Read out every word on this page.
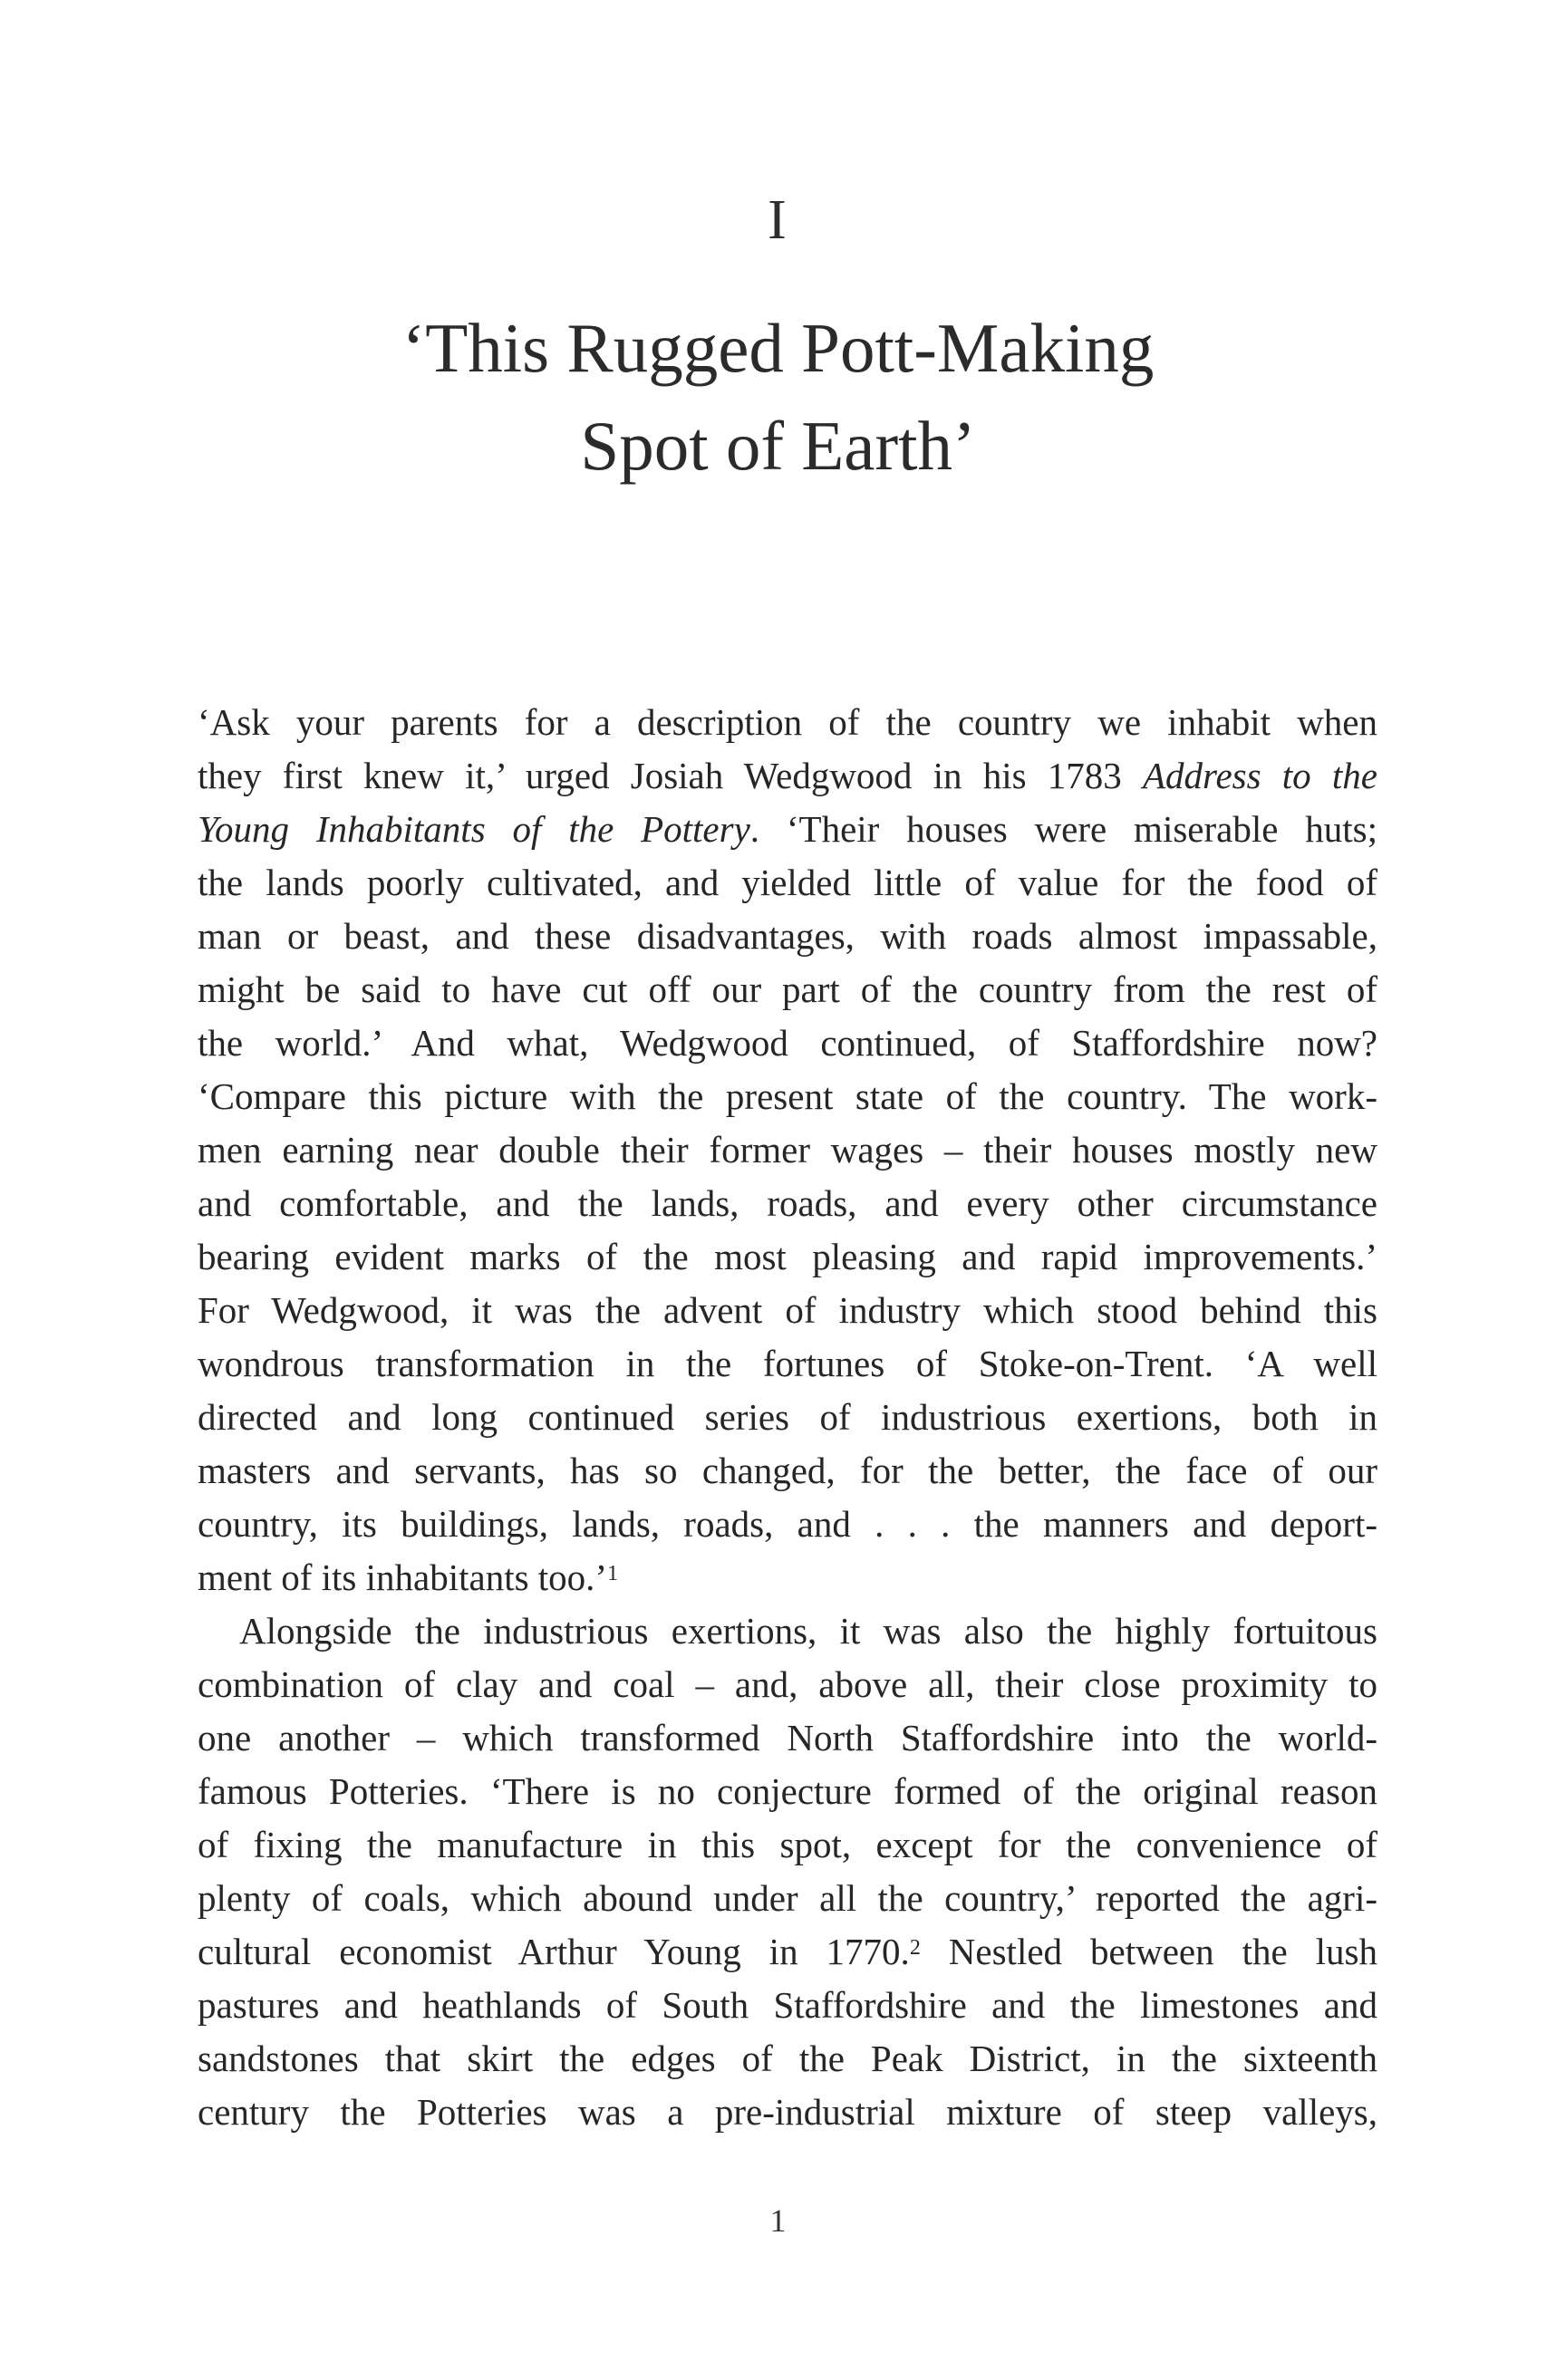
I
‘This Rugged Pott-Making
Spot of Earth’
‘Ask your parents for a description of the country we inhabit when
they first knew it,’ urged Josiah Wedgwood in his 1783 Address to the
Young Inhabitants of the Pottery. ‘Their houses were miserable huts;
the lands poorly cultivated, and yielded little of value for the food of
man or beast, and these disadvantages, with roads almost impassable,
might be said to have cut off our part of the country from the rest of
the world.’ And what, Wedgwood continued, of Staffordshire now?
‘Compare this picture with the present state of the country. The work-
men earning near double their former wages – their houses mostly new
and comfortable, and the lands, roads, and every other circumstance
bearing evident marks of the most pleasing and rapid improvements.’
For Wedgwood, it was the advent of industry which stood behind this
wondrous transformation in the fortunes of Stoke-on-Trent. ‘A well
directed and long continued series of industrious exertions, both in
masters and servants, has so changed, for the better, the face of our
country, its buildings, lands, roads, and . . . the manners and deport-
ment of its inhabitants too.’$^1$
Alongside the industrious exertions, it was also the highly fortuitous
combination of clay and coal – and, above all, their close proximity to
one another – which transformed North Staffordshire into the world-
famous Potteries. ‘There is no conjecture formed of the original reason
of fixing the manufacture in this spot, except for the convenience of
plenty of coals, which abound under all the country,’ reported the agri-
cultural economist Arthur Young in 1770.$^2$ Nestled between the lush
pastures and heathlands of South Staffordshire and the limestones and
sandstones that skirt the edges of the Peak District, in the sixteenth
century the Potteries was a pre-industrial mixture of steep valleys,
1
